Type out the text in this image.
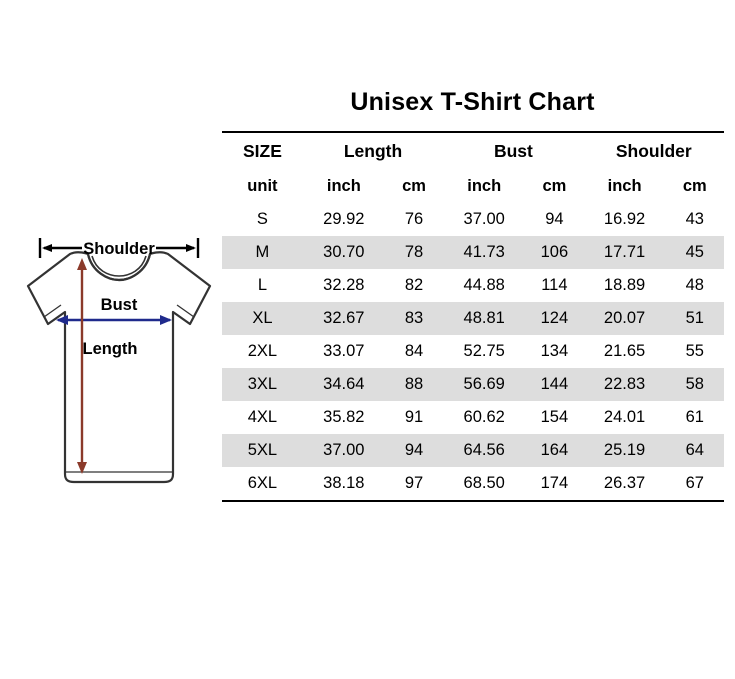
Unisex T-Shirt Chart
Shoulder
Bust
Length
SIZE	Length		Bust		Shoulder	
unit	inch	cm	inch	cm	inch	cm
S	29.92	76	37.00	94	16.92	43
M	30.70	78	41.73	106	17.71	45
L	32.28	82	44.88	114	18.89	48
XL	32.67	83	48.81	124	20.07	51
2XL	33.07	84	52.75	134	21.65	55
3XL	34.64	88	56.69	144	22.83	58
4XL	35.82	91	60.62	154	24.01	61
5XL	37.00	94	64.56	164	25.19	64
6XL	38.18	97	68.50	174	26.37	67
